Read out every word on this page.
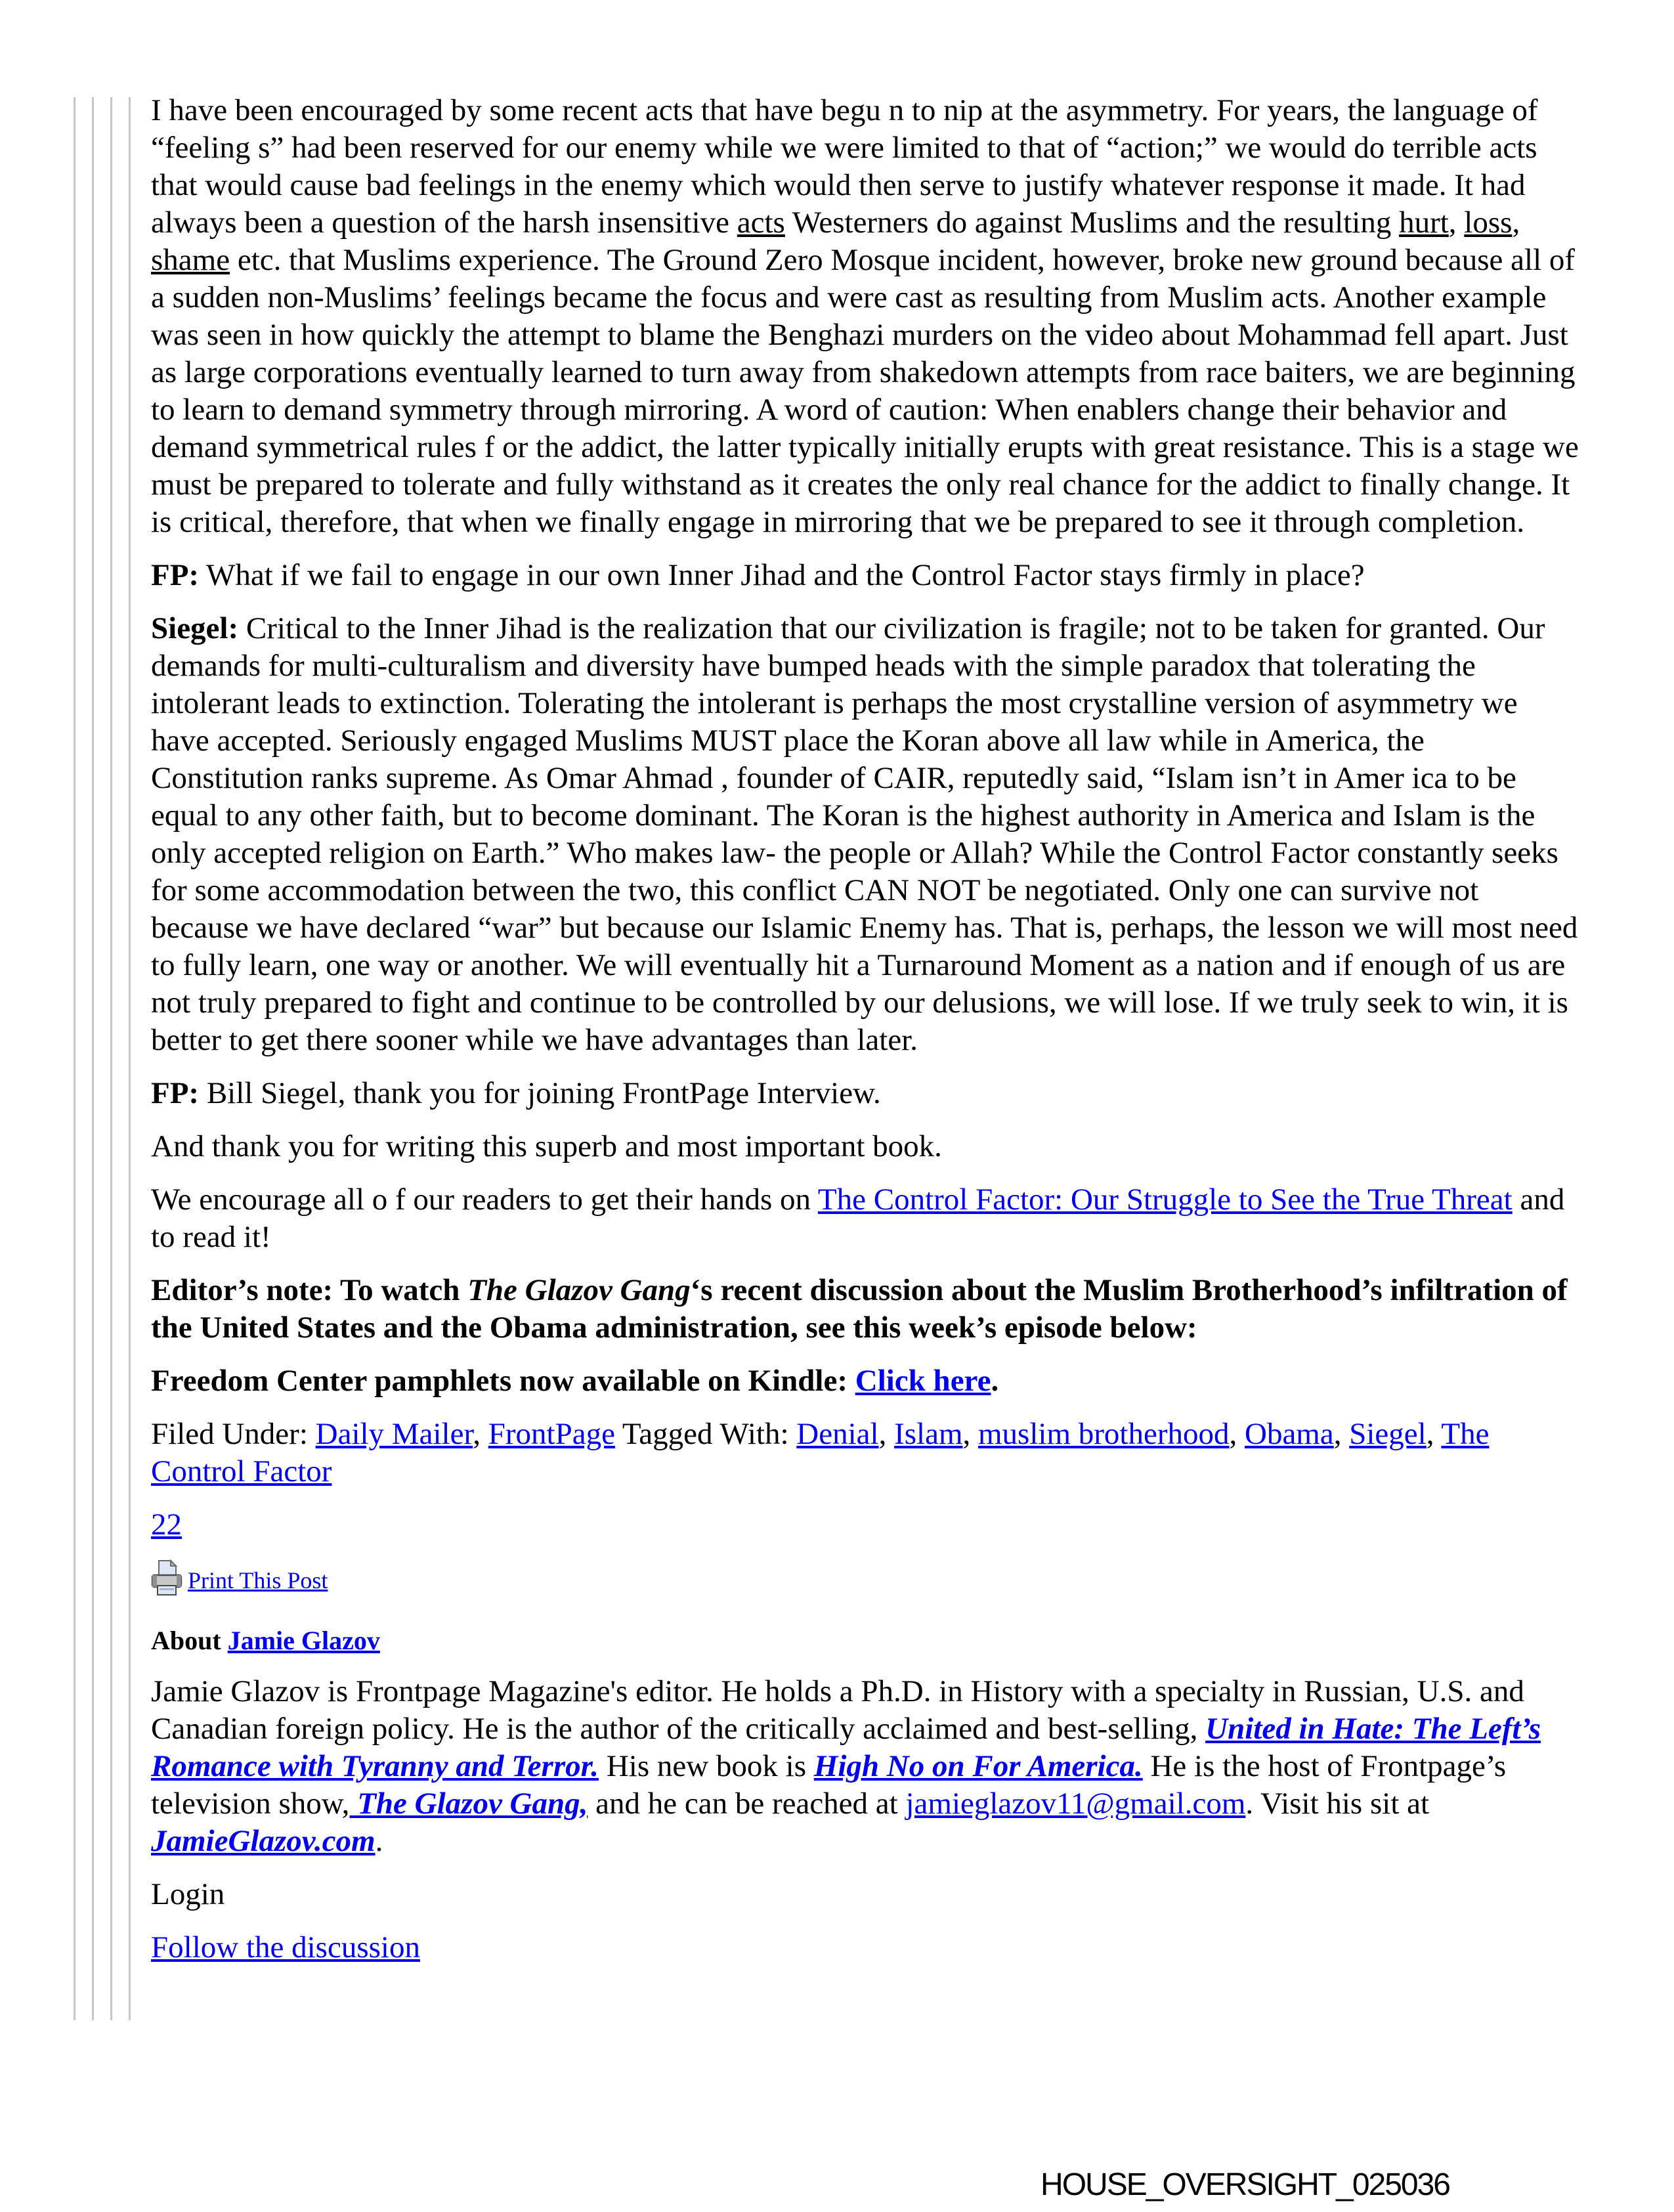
I have been encouraged by some recent acts that have begu n to nip at the asymmetry. For years, the language of “feeling s” had been reserved for our enemy while we were limited to that of “action;” we would do terrible acts that would cause bad feelings in the enemy which would then serve to justify whatever response it made. It had always been a question of the harsh insensitive acts Westerners do against Muslims and the resulting hurt, loss, shame etc. that Muslims experience. The Ground Zero Mosque incident, however, broke new ground because all of a sudden non-Muslims’ feelings became the focus and were cast as resulting from Muslim acts. Another example was seen in how quickly the attempt to blame the Benghazi murders on the video about Mohammad fell apart. Just as large corporations eventually learned to turn away from shakedown attempts from race baiters, we are beginning to learn to demand symmetry through mirroring. A word of caution: When enablers change their behavior and demand symmetrical rules f or the addict, the latter typically initially erupts with great resistance. This is a stage we must be prepared to tolerate and fully withstand as it creates the only real chance for the addict to finally change. It is critical, therefore, that when we finally engage in mirroring that we be prepared to see it through completion.

FP: What if we fail to engage in our own Inner Jihad and the Control Factor stays firmly in place?

Siegel: Critical to the Inner Jihad is the realization that our civilization is fragile; not to be taken for granted. Our demands for multi-culturalism and diversity have bumped heads with the simple paradox that tolerating the intolerant leads to extinction. Tolerating the intolerant is perhaps the most crystalline version of asymmetry we have accepted. Seriously engaged Muslims MUST place the Koran above all law while in America, the Constitution ranks supreme. As Omar Ahmad , founder of CAIR, reputedly said, “Islam isn’t in Amer ica to be equal to any other faith, but to become dominant. The Koran is the highest authority in America and Islam is the only accepted religion on Earth.” Who makes law- the people or Allah? While the Control Factor constantly seeks for some accommodation between the two, this conflict CAN NOT be negotiated. Only one can survive not because we have declared “war” but because our Islamic Enemy has. That is, perhaps, the lesson we will most need to fully learn, one way or another. We will eventually hit a Turnaround Moment as a nation and if enough of us are not truly prepared to fight and continue to be controlled by our delusions, we will lose. If we truly seek to win, it is better to get there sooner while we have advantages than later.

FP: Bill Siegel, thank you for joining FrontPage Interview.

And thank you for writing this superb and most important book.

We encourage all o f our readers to get their hands on The Control Factor: Our Struggle to See the True Threat and to read it!

Editor’s note: To watch The Glazov Gang‘s recent discussion about the Muslim Brotherhood’s infiltration of the United States and the Obama administration, see this week’s episode below:

Freedom Center pamphlets now available on Kindle: Click here.

Filed Under: Daily Mailer, FrontPage Tagged With: Denial, Islam, muslim brotherhood, Obama, Siegel, The Control Factor

22

Print This Post

About Jamie Glazov

Jamie Glazov is Frontpage Magazine's editor. He holds a Ph.D. in History with a specialty in Russian, U.S. and Canadian foreign policy. He is the author of the critically acclaimed and best-selling, United in Hate: The Left’s Romance with Tyranny and Terror. His new book is High No on For America. He is the host of Frontpage’s television show, The Glazov Gang, and he can be reached at jamieglazov11@gmail.com. Visit his sit at JamieGlazov.com.

Login

Follow the discussion

HOUSE_OVERSIGHT_025036
